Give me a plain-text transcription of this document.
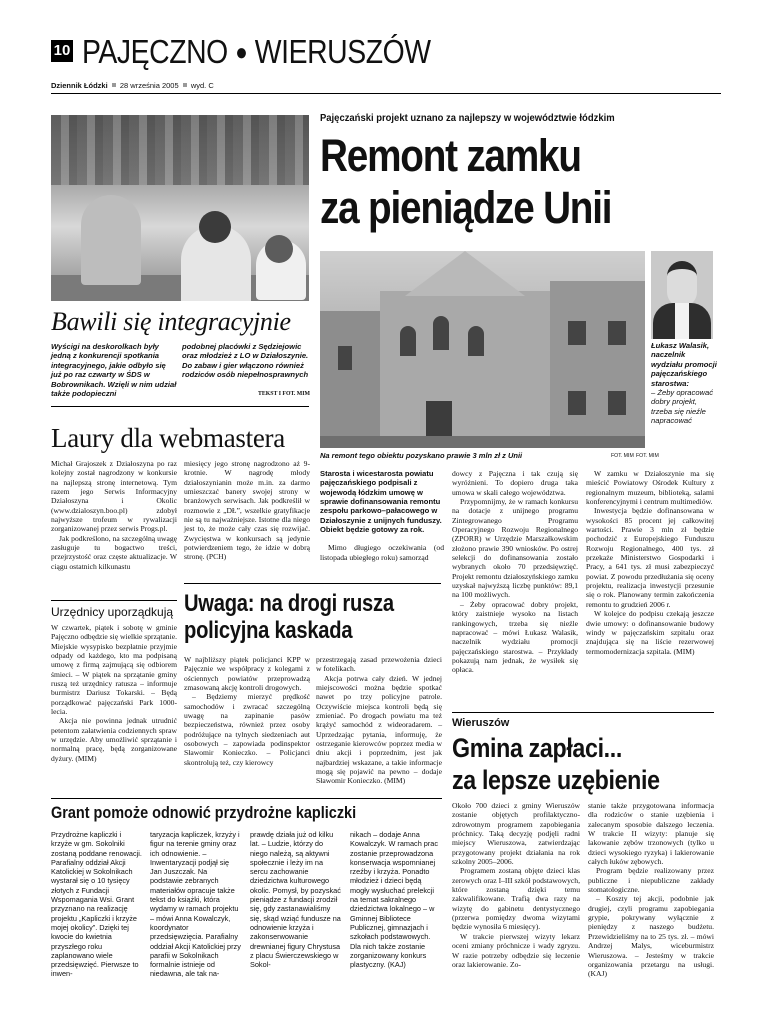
10 PAJĘCZNO ● WIERUSZÓW
Dziennik Łódzki 28 września 2005 wyd. C
Bawili się integracyjnie

Wyścigi na deskorolkach były jedną z konkurencji spotkania integracyjnego, jakie odbyło się już po raz czwarty w ŚDS w Bobrownikach. Wzięli w nim udział także podopieczni

podobnej placówki z Sędziejowic oraz młodzież z LO w Działoszynie. Do zabaw i gier włączono również rodziców osób niepełnosprawnych

TEKST I FOT. MIM
Laury dla webmastera

Michał Grajoszek z Działoszyna po raz kolejny został nagrodzony w konkursie na najlepszą stronę internetową. Tym razem jego Serwis Informacyjny Działoszyna i Okolic (www.dzialoszyn.boo.pl) zdobył najwyższe trofeum w rywalizacji zorganizowanej przez serwis Progs.pl.

Jak podkreślono, na szczególną uwagę zasługuje tu bogactwo treści, przejrzystość oraz częste aktualizacje. W ciągu ostatnich kilkunastu

miesięcy jego stronę nagrodzono aż 9-krotnie. W nagrodę młody działoszynianin może m.in. za darmo umieszczać banery swojej strony w branżowych serwisach. Jak podkreślił w rozmowie z „DŁ”, wszelkie gratyfikacje nie są tu najważniejsze. Istotne dla niego jest to, że może cały czas się rozwijać. Zwycięstwa w konkursach są jedynie potwierdzeniem tego, że idzie w dobrą stronę. (PCH)

Urzędnicy uporządkują

W czwartek, piątek i sobotę w gminie Pajęczno odbędzie się wielkie sprzątanie. Miejskie wysypisko bezpłatnie przyjmie odpady od każdego, kto ma podpisaną umowę z firmą zajmującą się odbiorem śmieci. – W piątek na sprzątanie gminy ruszą też urzędnicy ratusza – informuje burmistrz Dariusz Tokarski. – Będą porządkować pajęczański Park 1000-lecia.

Akcja nie powinna jednak utrudnić petentom załatwienia codziennych spraw w urzędzie. Aby umożliwić sprzątanie i normalną pracę, będą zorganizowane dyżury. (MIM)

Uwaga: na drogi rusza
policyjna kaskada

W najbliższy piątek policjanci KPP w Pajęcznie we współpracy z kolegami z ościennych powiatów przeprowadzą zmasowaną akcję kontroli drogowych.

– Będziemy mierzyć prędkość samochodów i zwracać szczególną uwagę na zapinanie pasów bezpieczeństwa, również przez osoby podróżujące na tylnych siedzeniach aut osobowych – zapowiada podinspektor Sławomir Konieczko. – Policjanci skontrolują też, czy kierowcy

przestrzegają zasad przewożenia dzieci w fotelikach.

Akcja potrwa cały dzień. W jednej miejscowości można będzie spotkać nawet po trzy policyjne patrole. Oczywiście miejsca kontroli będą się zmieniać. Po drogach powiatu ma też krążyć samochód z wideoradarem. – Uprzedzając pytania, informuję, że ostrzeganie kierowców poprzez media w dniu akcji i poprzednim, jest jak najbardziej wskazane, a takie informacje mogą się pojawić na pewno – dodaje Sławomir Konieczko. (MIM)

Pajęczański projekt uznano za najlepszy w województwie łódzkim
Remont zamku
za pieniądze Unii
Na remont tego obiektu pozyskano prawie 3 mln zł z Unii	FOT. MIM FOT. MIM

Łukasz Walasik, naczelnik wydziału promocji pajęczańskiego starostwa:

– Żeby opracować dobry projekt, trzeba się nieźle napracować

Starosta i wicestarosta powiatu pajęczańskiego podpisali z wojewodą łódzkim umowę w sprawie dofinansowania remontu zespołu parkowo–pałacowego w Działoszynie z unijnych funduszy. Obiekt będzie gotowy za rok.

Mimo długiego oczekiwania (od listopada ubiegłego roku) samorząd

dowcy z Pajęczna i tak czują się wyróżnieni. To dopiero druga taka umowa w skali całego województwa.

Przypomnijmy, że w ramach konkursu na dotacje z unijnego programu Zintegrowanego Programu Operacyjnego Rozwoju Regionalnego (ZPORR) w Urzędzie Marszałkowskim złożono prawie 390 wniosków. Po ostrej selekcji do dofinansowania zostało wybranych około 70 przedsięwzięć. Projekt remontu działoszyńskiego zamku uzyskał najwyższą liczbę punktów: 89,1 na 100 możliwych.

– Żeby opracować dobry projekt, który zaistnieje wysoko na listach rankingowych, trzeba się nieźle napracować – mówi Łukasz Walasik, naczelnik wydziału promocji pajęczańskiego starostwa. – Przykłady pokazują nam jednak, że wysiłek się opłaca.

W zamku w Działoszynie ma się mieścić Powiatowy Ośrodek Kultury z regionalnym muzeum, biblioteką, salami konferencyjnymi i centrum multimediów.

Inwestycja będzie dofinansowana w wysokości 85 procent jej całkowitej wartości. Prawie 3 mln zł będzie pochodzić z Europejskiego Funduszu Rozwoju Regionalnego, 400 tys. zł przekaże Ministerstwo Gospodarki i Pracy, a 641 tys. zł musi zabezpieczyć powiat. Z powodu przedłużania się oceny projektu, realizacja inwestycji przesunie się o rok. Planowany termin zakończenia remontu to grudzień 2006 r.

W kolejce do podpisu czekają jeszcze dwie umowy: o dofinansowanie budowy windy w pajęczańskim szpitalu oraz znajdująca się na liście rezerwowej termomodernizacja szpitala. (MIM)

Wieruszów
Gmina zapłaci...
za lepsze uzębienie

Około 700 dzieci z gminy Wieruszów zostanie objętych profilaktyczno-zdrowotnym programem zapobiegania próchnicy. Taką decyzję podjęli radni miejscy Wieruszowa, zatwierdzając przygotowany projekt działania na rok szkolny 2005–2006.

Programem zostaną objęte dzieci klas zerowych oraz I–III szkół podstawowych, które zostaną dzięki temu zakwalifikowane. Trafią dwa razy na wizytę do gabinetu dentystycznego (przerwa pomiędzy dwoma wizytami będzie wynosiła 6 miesięcy).

W trakcie pierwszej wizyty lekarz oceni zmiany próchnicze i wady zgryzu. W razie potrzeby odbędzie się leczenie oraz lakierowanie. Zo-

stanie także przygotowana informacja dla rodziców o stanie uzębienia i zalecanym sposobie dalszego leczenia. W trakcie II wizyty: planuje się lakowanie zębów trzonowych (tylko u dzieci wysokiego ryzyka) i lakierowanie całych łuków zębowych.

Program będzie realizowany przez publiczne i niepubliczne zakłady stomatologiczne.

– Koszty tej akcji, podobnie jak drugiej, czyli programu zapobiegania grypie, pokrywany wyłącznie z pieniędzy z naszego budżetu. Przewidzieliśmy na to 25 tys. zł. – mówi Andrzej Malys, wiceburmistrz Wieruszowa. – Jesteśmy w trakcie organizowania przetargu na usługi. (KAJ)

Grant pomoże odnowić przydrożne kapliczki
Przydrożne kapliczki i krzyże w gm. Sokolniki zostaną poddane renowacji. Parafialny oddział Akcji Katolickiej w Sokolnikach wystarał się o 10 tysięcy złotych z Fundacji Wspomagania Wsi. Grant przyznano na realizację projektu „Kapliczki i krzyże mojej okolicy”. Dzięki tej kwocie do kwietnia przyszłego roku zaplanowano wiele przedsięwzięć. Pierwsze to inwen-
taryzacja kapliczek, krzyży i figur na terenie gminy oraz ich odnowienie. – Inwentaryzacji podjął się Jan Juszczak. Na podstawie zebranych materiałów opracuje także tekst do książki, która wydamy w ramach projektu – mówi Anna Kowalczyk, koordynator przedsięwzięcia. Parafialny oddział Akcji Katolickiej przy parafii w Sokolnikach formalnie istnieje od niedawna, ale tak na-
prawdę działa już od kilku lat. – Ludzie, którzy do niego należą, są aktywni społecznie i leży im na sercu zachowanie dziedzictwa kulturowego okolic. Pomysł, by pozyskać pieniądze z fundacji zrodził się, gdy zastanawialiśmy się, skąd wziąć fundusze na odnowienie krzyża i zakonserwowanie drewnianej figury Chrystusa z placu Świerczewskiego w Sokol-
nikach – dodaje Anna Kowalczyk. W ramach prac zostanie przeprowadzona konserwacja wspomnianej rzeźby i krzyża. Ponadto młodzież i dzieci będą mogły wysłuchać prelekcji na temat sakralnego dziedzictwa lokalnego – w Gminnej Bibliotece Publicznej, gimnazjach i szkołach podstawowych. Dla nich także zostanie zorganizowany konkurs plastyczny. (KAJ)
